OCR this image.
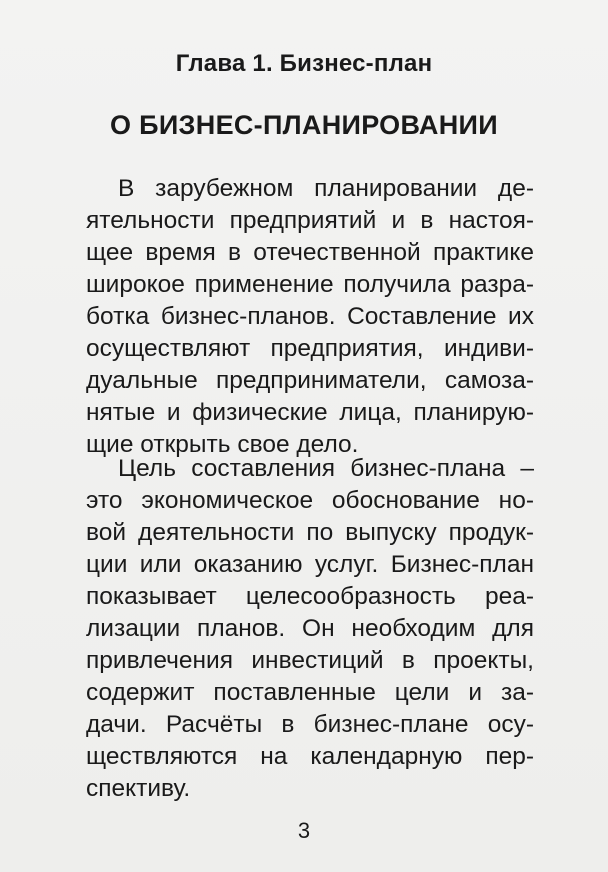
Глава 1. Бизнес-план
О БИЗНЕС-ПЛАНИРОВАНИИ
В зарубежном планировании де-
ятельности предприятий и в настоя-
щее время в отечественной практике
широкое применение получила разра-
ботка бизнес-планов. Составление их
осуществляют предприятия, индиви-
дуальные предприниматели, самоза-
нятые и физические лица, планирую-
щие открыть свое дело.
Цель составления бизнес-плана –
это экономическое обоснование но-
вой деятельности по выпуску продук-
ции или оказанию услуг. Бизнес-план
показывает целесообразность реа-
лизации планов. Он необходим для
привлечения инвестиций в проекты,
содержит поставленные цели и за-
дачи. Расчёты в бизнес-плане осу-
ществляются на календарную пер-
спективу.
3
